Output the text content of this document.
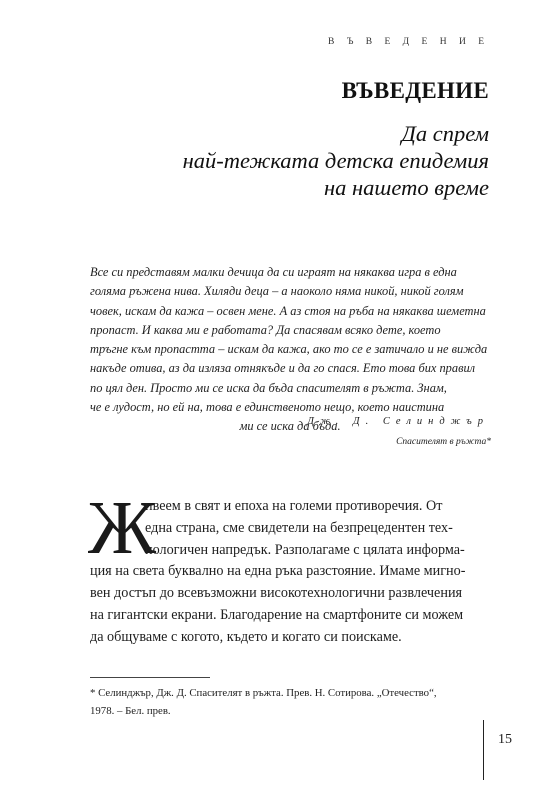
В Ъ В Е Д Е Н И Е
ВЪВЕДЕНИЕ
Да спрем
най-тежката детска епидемия
на нашето време
Все си представям малки дечица да си играят на някаква игра в една
голяма ръжена нива. Хиляди деца – а наоколо няма никой, никой голям
човек, искам да кажа – освен мене. А аз стоя на ръба на някаква шеметна
пропаст. И каква ми е работата? Да спасявам всяко дете, което
тръгне към пропастта – искам да кажа, ако то се е затичало и не вижда
накъде отива, аз да изляза отнякъде и да го спася. Ето това бих правил
по цял ден. Просто ми се иска да бъда спасителят в ръжта. Знам,
че е лудост, но ей на, това е единственото нещо, което наистина
ми се иска да бъда.
Дж. Д. Селинджър
Спасителят в ръжта*
Ж
ивеем в свят и епоха на големи противоречия. От
една страна, сме свидетели на безпрецедентен тех-
нологичен напредък. Разполагаме с цялата информа-
ция на света буквално на една ръка разстояние. Имаме мигно-
вен достъп до всевъзможни високотехнологични развлечения
на гигантски екрани. Благодарение на смартфоните си можем
да общуваме с когото, където и когато си поискаме.
* Селинджър, Дж. Д. Спасителят в ръжта. Прев. Н. Сотирова. „Отечество“,
1978. – Бел. прев.
15
